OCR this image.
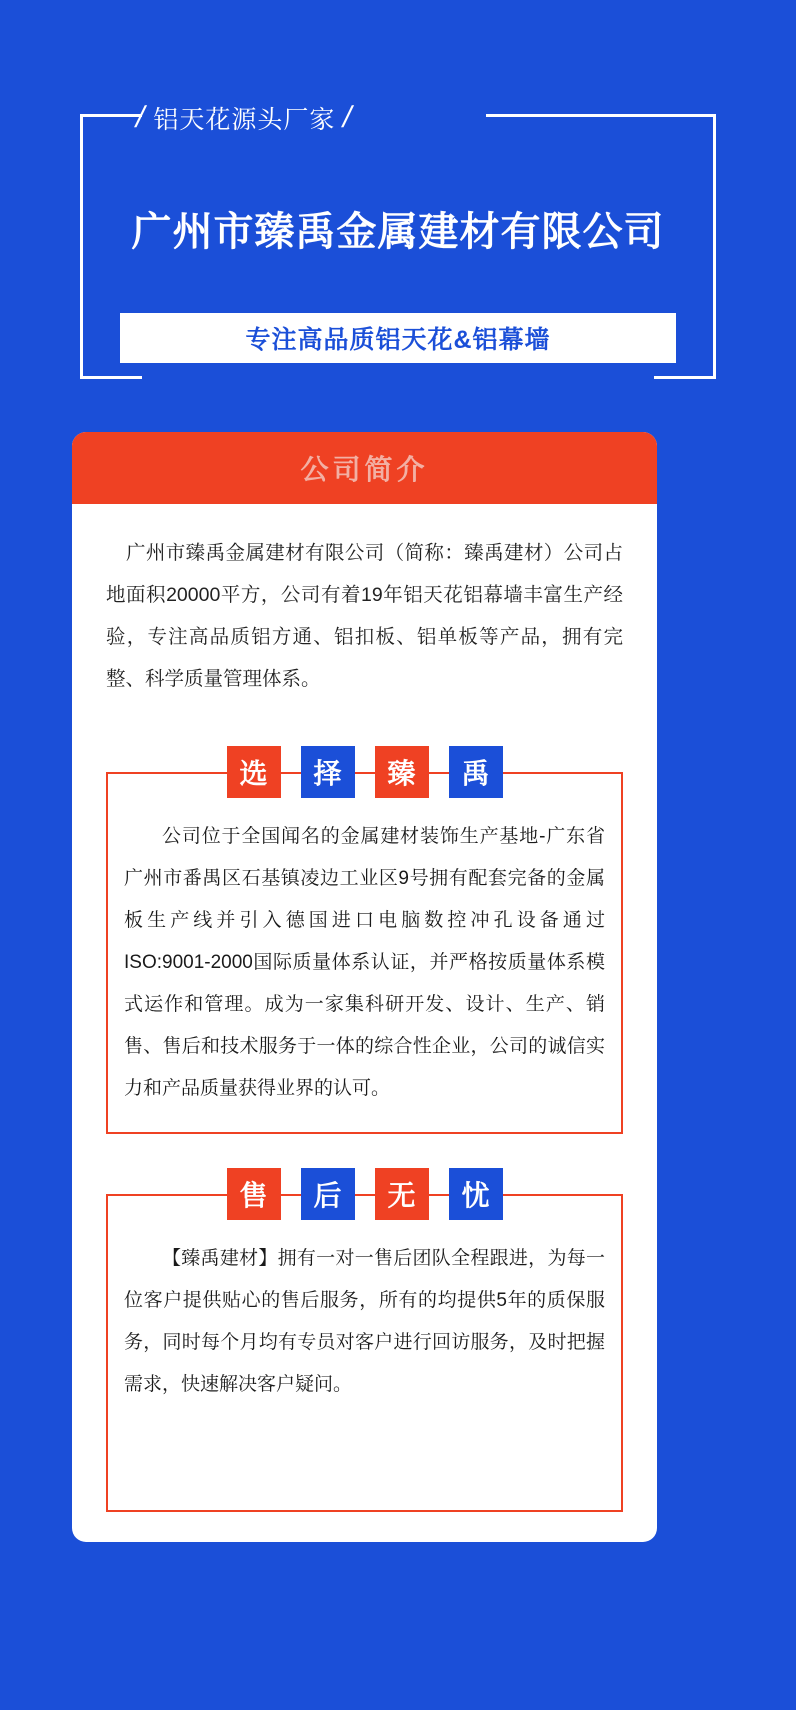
/ 铝天花源头厂家 /
广州市臻禹金属建材有限公司
专注高品质铝天花&铝幕墙
公司简介

广州市臻禹金属建材有限公司（简称：臻禹建材）公司占地面积20000平方，公司有着19年铝天花铝幕墙丰富生产经验，专注高品质铝方通、铝扣板、铝单板等产品，拥有完整、科学质量管理体系。

选	择	臻	禹
公司位于全国闻名的金属建材装饰生产基地-广东省广州市番禺区石基镇凌边工业区9号拥有配套完备的金属板生产线并引入德国进口电脑数控冲孔设备通过ISO:9001-2000国际质量体系认证，并严格按质量体系模式运作和管理。成为一家集科研开发、设计、生产、销售、售后和技术服务于一体的综合性企业，公司的诚信实力和产品质量获得业界的认可。
售	后	无	忧
【臻禹建材】拥有一对一售后团队全程跟进，为每一位客户提供贴心的售后服务，所有的均提供5年的质保服务，同时每个月均有专员对客户进行回访服务，及时把握需求，快速解决客户疑问。
